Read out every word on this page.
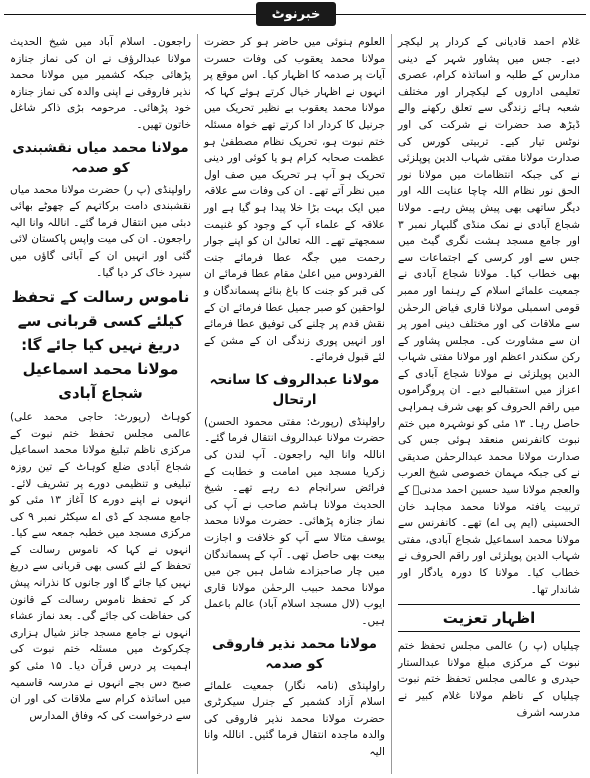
خبرنوٹ

غلام احمد قادیانی کے کردار پر لیکچر دیے۔ جس میں پشاور شہر کے دینی مدارس کے طلبہ و اساتذہ کرام، عصری تعلیمی اداروں کے لیکچرار اور مختلف شعبہ ہائے زندگی سے تعلق رکھنے والے ڈیڑھ صد حضرات نے شرکت کی اور نوٹس تیار کیے۔ تربیتی کورس کی صدارت مولانا مفتی شہاب الدین پوپلزئی نے کی جبکہ انتظامات میں مولانا نور الحق نور نظام اللہ چاچا عنایت اللہ اور دیگر ساتھی بھی پیش پیش رہے۔ مولانا شجاع آبادی نے نمک منڈی گلبہار نمبر ۳ اور جامع مسجد ہشت نگری گیٹ میں جس سے اور کرسی کے اجتماعات سے بھی خطاب کیا۔ مولانا شجاع آبادی نے جمعیت علمائے اسلام کے رہنما اور ممبر قومی اسمبلی مولانا قاری فیاض الرحمٰن سے ملاقات کی اور مختلف دینی امور پر ان سے مشاورت کی۔ مجلس پشاور کے رکن سکندر اعظم اور مولانا مفتی شہاب الدین پوپلزئی نے مولانا شجاع آبادی کے اعزاز میں استقبالیے دیے۔ ان پروگراموں میں راقم الحروف کو بھی شرف ہمراہی حاصل رہا۔ ۱۳ مئی کو نوشہرہ میں ختم نبوت کانفرنس منعقد ہوئی جس کی صدارت مولانا محمد عبدالرحمٰن صدیقی نے کی جبکہ مہمان خصوصی شیخ العرب والعجم مولانا سید حسین احمد مدنیؒ کے تربیت یافتہ مولانا محمد مجاہد خان الحسینی (ایم پی اے) تھے۔ کانفرنس سے مولانا محمد اسماعیل شجاع آبادی، مفتی شہاب الدین پوپلزئی اور راقم الحروف نے خطاب کیا۔ مولانا کا دورہ یادگار اور شاندار تھا۔

اظہار تعزیت

چیلیاں (پ ر) عالمی مجلس تحفظ ختم نبوت کے مرکزی مبلغ مولانا عبدالستار حیدری و عالمی مجلس تحفظ ختم نبوت چیلیاں کے ناظم مولانا غلام کبیر نے مدرسہ اشرف

العلوم ہنوئی میں حاضر ہو کر حضرت مولانا محمد یعقوب کی وفات حسرت آیات پر صدمہ کا اظہار کیا۔ اس موقع پر انہوں نے اظہار خیال کرتے ہوئے کہا کہ مولانا محمد یعقوب بے نظیر تحریک میں جرنیل کا کردار ادا کرتے تھے خواہ مسئلہ ختم نبوت ہو، تحریک نظام مصطفیٰ ہو عظمت صحابہ کرام ہو یا کوئی اور دینی تحریک ہو آپ ہر تحریک میں صف اول میں نظر آتے تھے۔ ان کی وفات سے علاقہ میں ایک بہت بڑا خلا پیدا ہو گیا ہے اور علاقہ کے علماء آپ کے وجود کو غنیمت سمجھتے تھے۔ اللہ تعالیٰ ان کو اپنے جوار رحمت میں جگہ عطا فرمائے جنت الفردوس میں اعلیٰ مقام عطا فرمائے ان کی قبر کو جنت کا باغ بنائے پسماندگان و لواحقین کو صبر جمیل عطا فرمائے ان کے نقش قدم پر چلنے کی توفیق عطا فرمائے اور انہیں پوری زندگی ان کے مشن کے لئے قبول فرمائے۔

مولانا عبدالروف کا سانحہ ارتحال

راولپنڈی (رپورٹ: مفتی محمود الحسن) حضرت مولانا عبدالروف انتقال فرما گئے۔ اناللہ وانا الیہ راجعون۔ آپ لندن کی زکریا مسجد میں امامت و خطابت کے فرائض سرانجام دے رہے تھے۔ شیخ الحدیث مولانا ہاشم صاحب نے آپ کی نماز جنازہ پڑھائی۔ حضرت مولانا محمد یوسف متالا سے آپ کو خلافت و اجازت بیعت بھی حاصل تھی۔ آپ کے پسماندگان میں چار صاحبزادے شامل ہیں جن میں مولانا محمد حبیب الرحمٰن مولانا قاری ایوب (لال مسجد اسلام آباد) عالم باعمل ہیں۔

مولانا محمد نذیر فاروقی کو صدمہ

راولپنڈی (نامہ نگار) جمعیت علمائے اسلام آزاد کشمیر کے جنرل سیکرٹری حضرت مولانا محمد نذیر فاروقی کی والدہ ماجدہ انتقال فرما گئیں۔ اناللہ وانا الیہ

راجعون۔ اسلام آباد میں شیخ الحدیث مولانا عبدالرؤف نے ان کی نماز جنازہ پڑھائی جبکہ کشمیر میں مولانا محمد نذیر فاروقی نے اپنی والدہ کی نماز جنازہ خود پڑھائی۔ مرحومہ بڑی ذاکر شاغل خاتون تھیں۔

مولانا محمد میاں نقشبندی کو صدمہ

راولپنڈی (پ ر) حضرت مولانا محمد میاں نقشبندی دامت برکاتہم کے چھوٹے بھائی دبئی میں انتقال فرما گئے۔ اناللہ وانا الیہ راجعون۔ ان کی میت واپس پاکستان لائی گئی اور انہیں ان کے آبائی گاؤں میں سپرد خاک کر دیا گیا۔

ناموس رسالت کے تحفظ کیلئے کسی قربانی سے دریغ نہیں کیا جائے گا: مولانا محمد اسماعیل شجاع آبادی

کوہاٹ (رپورٹ: حاجی محمد علی) عالمی مجلس تحفظ ختم نبوت کے مرکزی ناظم تبلیغ مولانا محمد اسماعیل شجاع آبادی ضلع کوہاٹ کے تین روزہ تبلیغی و تنظیمی دورے پر تشریف لائے۔ انہوں نے اپنے دورے کا آغاز ۱۳ مئی کو جامع مسجد کے ڈی اے سیکٹر نمبر ۹ کی مرکزی مسجد میں خطبہ جمعہ سے کیا۔ انہوں نے کہا کہ ناموس رسالت کے تحفظ کے لئے کسی بھی قربانی سے دریغ نہیں کیا جائے گا اور جانوں کا نذرانہ پیش کر کے تحفظ ناموس رسالت کے قانون کی حفاظت کی جائے گی۔ بعد نماز عشاء انہوں نے جامع مسجد جانز شیال ہزاری چکرکوٹ میں مسئلہ ختم نبوت کی اہمیت پر درس قرآن دیا۔ ۱۵ مئی کو صبح دس بجے انہوں نے مدرسہ قاسمیہ میں اساتذہ کرام سے ملاقات کی اور ان سے درخواست کی کہ وفاق المدارس
